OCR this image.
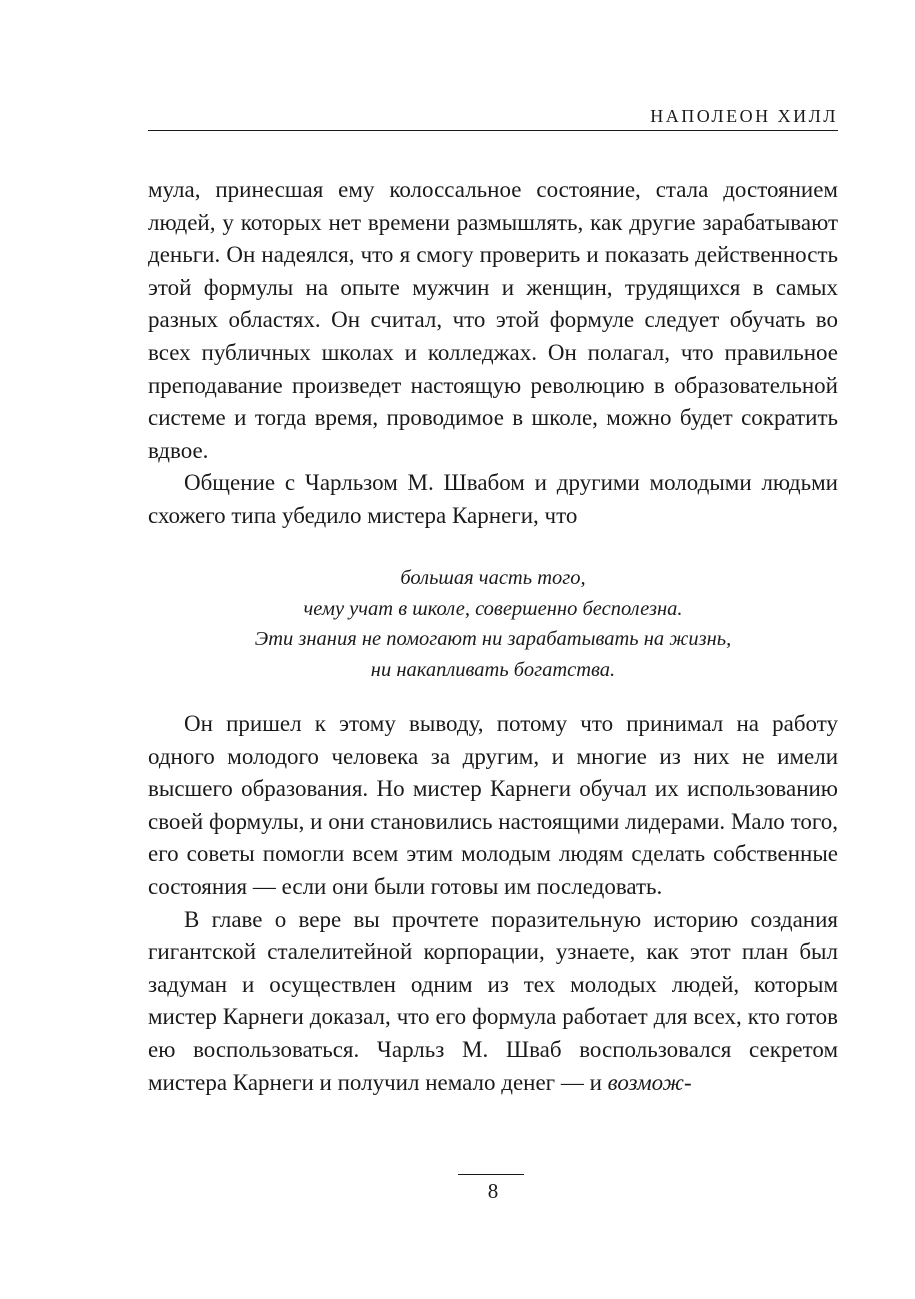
НАПОЛЕОН ХИЛЛ

мула, принесшая ему колоссальное состояние, стала достоянием людей, у которых нет времени размышлять, как другие зарабатывают деньги. Он надеялся, что я смогу проверить и показать действенность этой формулы на опыте мужчин и женщин, трудящихся в самых разных областях. Он считал, что этой формуле следует обучать во всех публичных школах и колледжах. Он полагал, что правильное преподавание произведет настоящую революцию в образовательной системе и тогда время, проводимое в школе, можно будет сократить вдвое.

Общение с Чарльзом М. Швабом и другими молодыми людьми схожего типа убедило мистера Карнеги, что

большая часть того,
чему учат в школе, совершенно бесполезна.
Эти знания не помогают ни зарабатывать на жизнь,
ни накапливать богатства.

Он пришел к этому выводу, потому что принимал на работу одного молодого человека за другим, и многие из них не имели высшего образования. Но мистер Карнеги обучал их использованию своей формулы, и они становились настоящими лидерами. Мало того, его советы помогли всем этим молодым людям сделать собственные состояния — если они были готовы им последовать.

В главе о вере вы прочтете поразительную историю создания гигантской сталелитейной корпорации, узнаете, как этот план был задуман и осуществлен одним из тех молодых людей, которым мистер Карнеги доказал, что его формула работает для всех, кто готов ею воспользоваться. Чарльз М. Шваб воспользовался секретом мистера Карнеги и получил немало денег — и возмож-

8
